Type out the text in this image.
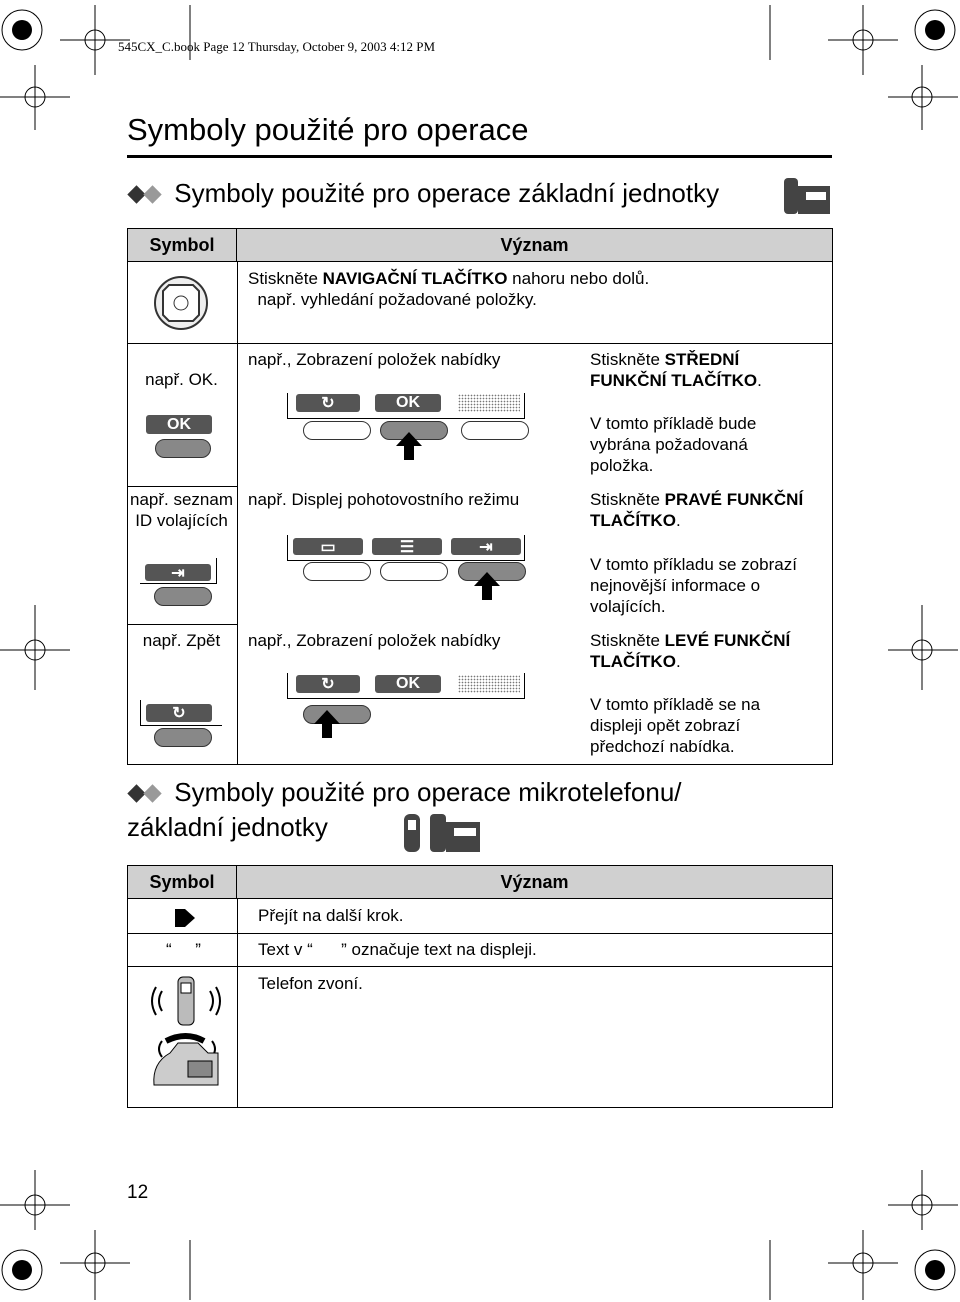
545CX_C.book Page 12 Thursday, October 9, 2003 4:12 PM
Symboly použité pro operace
Symboly použité pro operace základní jednotky
Symbol	Význam
Stiskněte NAVIGAČNÍ TLAČÍTKO nahoru nebo dolů.
např. vyhledání požadované položky.
např. OK.
OK
např., Zobrazení položek nabídky
↻	OK
Stiskněte STŘEDNÍ FUNKČNÍ TLAČÍTKO.
V tomto příkladě bude vybrána požadovaná položka.
např. seznam ID volajících
⇥
např. Displej pohotovostního režimu
▭	☰	⇥
Stiskněte PRAVÉ FUNKČNÍ TLAČÍTKO.
V tomto příkladu se zobrazí nejnovější informace o volajících.
např. Zpět
↻
např., Zobrazení položek nabídky
↻	OK
Stiskněte LEVÉ FUNKČNÍ TLAČÍTKO.
V tomto příkladě se na displeji opět zobrazí předchozí nabídka.
Symboly použité pro operace mikrotelefonu/
základní jednotky
Symbol	Význam
Přejít na další krok.
“     ”	Text v “      ” označuje text na displeji.
Telefon zvoní.
12
